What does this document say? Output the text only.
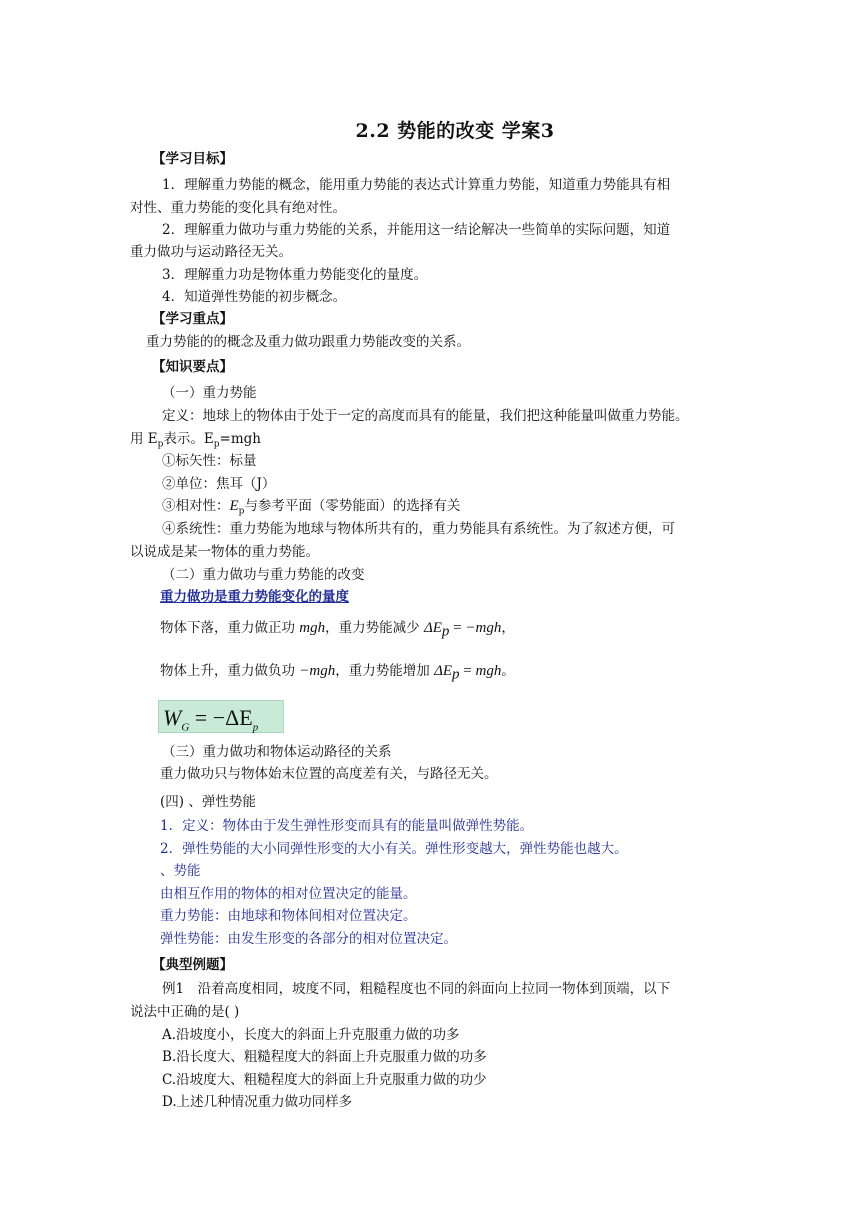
2.2 势能的改变 学案3
【学习目标】
1．理解重力势能的概念，能用重力势能的表达式计算重力势能，知道重力势能具有相
对性、重力势能的变化具有绝对性。
2．理解重力做功与重力势能的关系，并能用这一结论解决一些简单的实际问题，知道
重力做功与运动路径无关。
3．理解重力功是物体重力势能变化的量度。
4．知道弹性势能的初步概念。
【学习重点】
重力势能的的概念及重力做功跟重力势能改变的关系。
【知识要点】
（一）重力势能
定义：地球上的物体由于处于一定的高度而具有的能量，我们把这种能量叫做重力势能。
用 $E_p$表示。$E_p=mgh$
①标矢性：标量
②单位：焦耳（J）
③相对性：$E_p$与参考平面（零势能面）的选择有关
④系统性：重力势能为地球与物体所共有的，重力势能具有系统性。为了叙述方便，可
以说成是某一物体的重力势能。
（二）重力做功与重力势能的改变
重力做功是重力势能变化的量度
物体下落，重力做正功 mgh，重力势能减少 $\Delta E_p = -mgh$，
物体上升，重力做负功 −mgh，重力势能增加 $\Delta E_p$ = mgh。
$W_G = -\Delta E_p$
（三）重力做功和物体运动路径的关系
重力做功只与物体始末位置的高度差有关，与路径无关。
(四) 、弹性势能
1．定义：物体由于发生弹性形变而具有的能量叫做弹性势能。
2．弹性势能的大小同弹性形变的大小有关。弹性形变越大，弹性势能也越大。
、势能
由相互作用的物体的相对位置决定的能量。
重力势能：由地球和物体间相对位置决定。
弹性势能：由发生形变的各部分的相对位置决定。
【典型例题】
例1　沿着高度相同，坡度不同，粗糙程度也不同的斜面向上拉同一物体到顶端，以下
说法中正确的是( )
A.沿坡度小，长度大的斜面上升克服重力做的功多
B.沿长度大、粗糙程度大的斜面上升克服重力做的功多
C.沿坡度大、粗糙程度大的斜面上升克服重力做的功少
D.上述几种情况重力做功同样多
